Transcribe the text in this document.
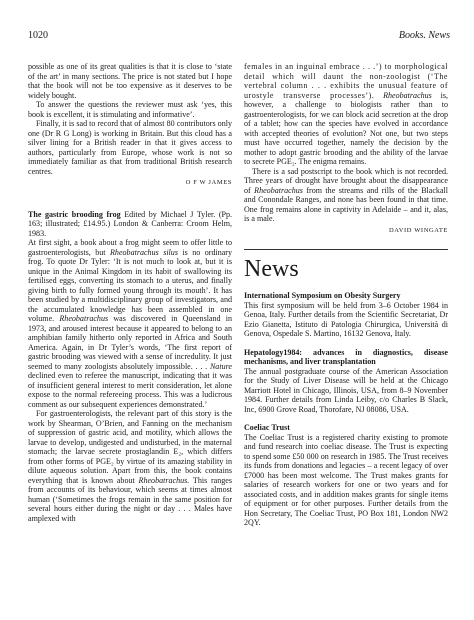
1020	Books. News

possible as one of its great qualities is that it is close to ‘state of the art’ in many sections. The price is not stated but I hope that the book will not be too expensive as it deserves to be widely bought.

To answer the questions the reviewer must ask ‘yes, this book is excellent, it is stimulating and informative’.

Finally, it is sad to record that of almost 80 contributors only one (Dr R G Long) is working in Britain. But this cloud has a silver lining for a British reader in that it gives access to authors, particularly from Europe, whose work is not so immediately familiar as that from traditional British research centres.

O F W JAMES

The gastric brooding frog Edited by Michael J Tyler. (Pp. 163; illustrated; £14.95.) London & Canberra: Croom Helm, 1983.

At first sight, a book about a frog might seem to offer little to gastroenterologists, but Rheobatrachus silus is no ordinary frog. To quote Dr Tyler: ‘It is not much to look at, but it is unique in the Animal Kingdom in its habit of swallowing its fertilised eggs, converting its stomach to a uterus, and finally giving birth to fully formed young through its mouth’. It has been studied by a multidisciplinary group of investigators, and the accumulated knowledge has been assembled in one volume. Rheobatrachus was discovered in Queensland in 1973, and aroused interest because it appeared to belong to an amphibian family hitherto only reported in Africa and South America. Again, in Dr Tyler’s words, ‘The first report of gastric brooding was viewed with a sense of incredulity. It just seemed to many zoologists absolutely impossible. . . . Nature declined even to referee the manuscript, indicating that it was of insufficient general interest to merit consideration, let alone expose to the normal refereeing process. This was a ludicrous comment as our subsequent experiences demonstrated.’

For gastroenterologists, the relevant part of this story is the work by Shearman, O’Brien, and Fanning on the mechanism of suppression of gastric acid, and motility, which allows the larvae to develop, undigested and undisturbed, in the maternal stomach; the larvae secrete prostaglandin E₂, which differs from other forms of PGE₂ by virtue of its amazing stability in dilute aqueous solution. Apart from this, the book contains everything that is known about Rheobatrachus. This ranges from accounts of its behaviour, which seems at times almost human (‘Sometimes the frogs remain in the same position for several hours either during the night or day . . . Males have amplexed with

females in an inguinal embrace . . .’) to morphological detail which will daunt the non-zoologist (‘The vertebral column . . . exhibits the unusual feature of urostyle transverse processes’). Rheobatrachus is, however, a challenge to biologists rather than to gastroenterologists, for we can block acid secretion at the drop of a tablet; how can the species have evolved in accordance with accepted theories of evolution? Not one, but two steps must have occurred together, namely the decision by the mother to adopt gastric brooding and the ability of the larvae to secrete PGE₂. The enigma remains.

There is a sad postscript to the book which is not recorded. Three years of drought have brought about the disappearance of Rheobatrachus from the streams and rills of the Blackall and Conondale Ranges, and none has been found in that time. One frog remains alone in captivity in Adelaide – and it, alas, is a male.

DAVID WINGATE

News

International Symposium on Obesity Surgery

This first symposium will be held from 3–6 October 1984 in Genoa, Italy. Further details from the Scientific Secretariat, Dr Ezio Gianetta, Istituto di Patologia Chirurgica, Università di Genova, Ospedale S. Martino, 16132 Genova, Italy.

Hepatology1984: advances in diagnostics, disease mechanisms, and liver transplantation

The annual postgraduate course of the American Association for the Study of Liver Disease will be held at the Chicago Marriott Hotel in Chicago, Illinois, USA, from 8–9 November 1984. Further details from Linda Leiby, c/o Charles B Slack, Inc, 6900 Grove Road, Thorofare, NJ 08086, USA.

Coeliac Trust

The Coeliac Trust is a registered charity existing to promote and fund research into coeliac disease. The Trust is expecting to spend some £50 000 on research in 1985. The Trust receives its funds from donations and legacies – a recent legacy of over £7000 has been most welcome. The Trust makes grants for salaries of research workers for one or two years and for associated costs, and in addition makes grants for single items of equipment or for other purposes. Further details from the Hon Secretary, The Coeliac Trust, PO Box 181, London NW2 2QY.
